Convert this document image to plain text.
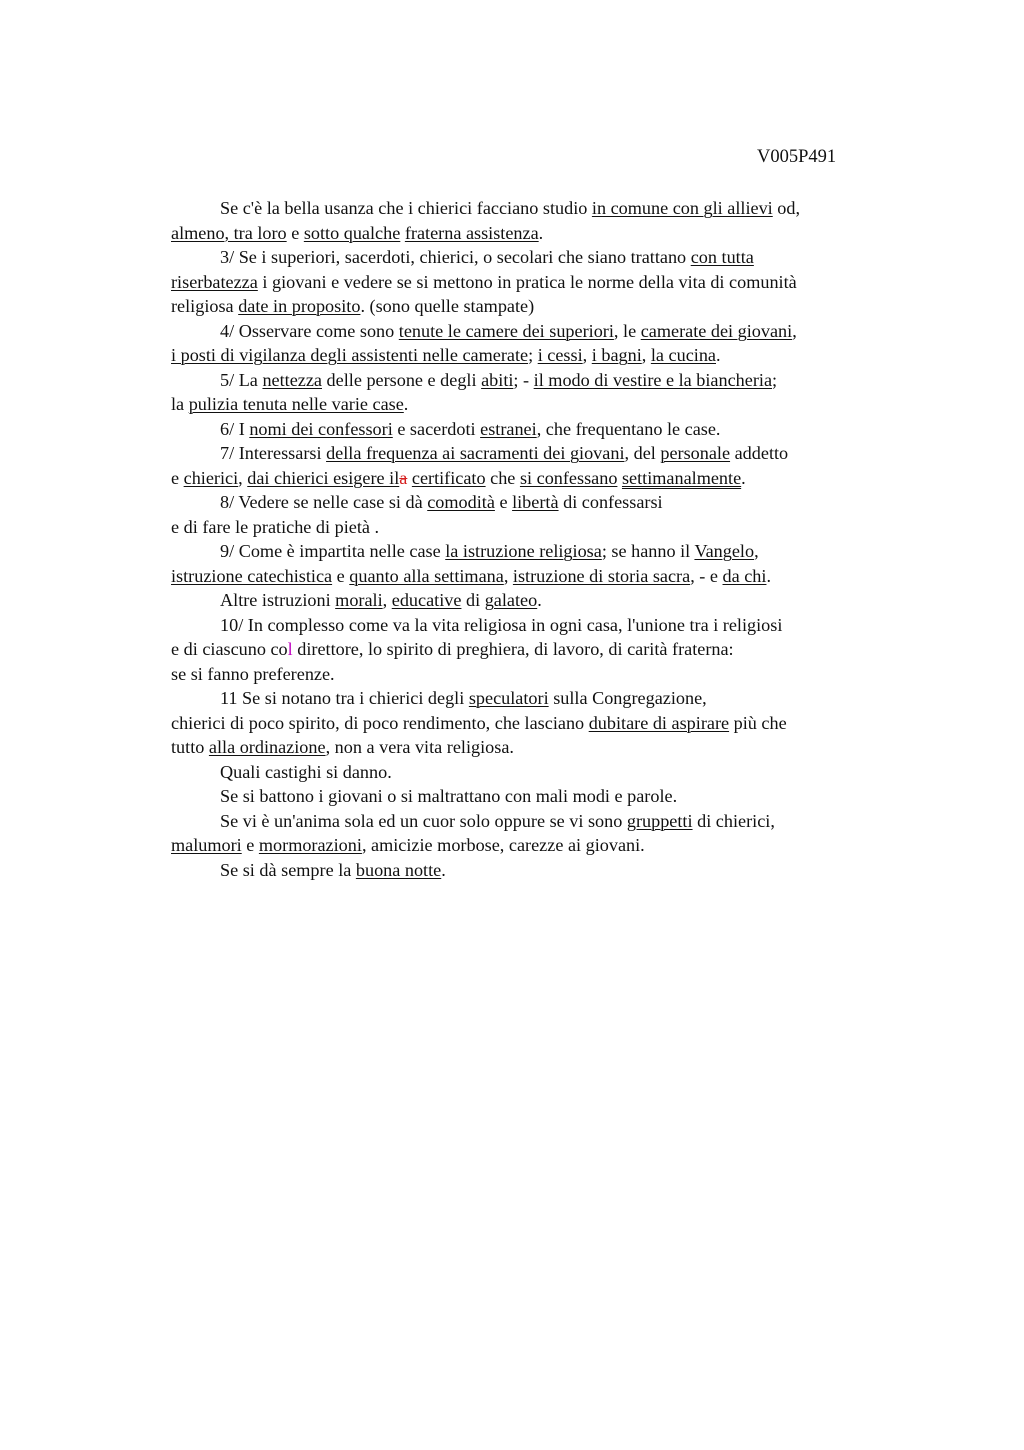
V005P491
Se c'è la bella usanza che i chierici facciano studio in comune con gli allievi od,
almeno, tra loro e sotto qualche fraterna assistenza.
3/ Se i superiori, sacerdoti, chierici, o secolari che siano trattano con tutta
riserbatezza i giovani e vedere se si mettono in pratica le norme della vita di comunità
religiosa date in proposito. (sono quelle stampate)
4/ Osservare come sono tenute le camere dei superiori, le camerate dei giovani,
i posti di vigilanza degli assistenti nelle camerate; i cessi, i bagni, la cucina.
5/ La nettezza delle persone e degli abiti; - il modo di vestire e la biancheria;
la pulizia tenuta nelle varie case.
6/ I nomi dei confessori e sacerdoti estranei, che frequentano le case.
7/ Interessarsi della frequenza ai sacramenti dei giovani, del personale addetto
e chierici, dai chierici esigere ila certificato che si confessano settimanalmente.
8/ Vedere se nelle case si dà comodità e libertà di confessarsi
e di fare le pratiche di pietà .
9/ Come è impartita nelle case la istruzione religiosa; se hanno il Vangelo,
istruzione catechistica e quanto alla settimana, istruzione di storia sacra, - e da chi.
Altre istruzioni morali, educative di galateo.
10/ In complesso come va la vita religiosa in ogni casa, l'unione tra i religiosi
e di ciascuno col direttore, lo spirito di preghiera, di lavoro, di carità fraterna:
se si fanno preferenze.
11 Se si notano tra i chierici degli speculatori sulla Congregazione,
chierici di poco spirito, di poco rendimento, che lasciano dubitare di aspirare più che
tutto alla ordinazione, non a vera vita religiosa.
Quali castighi si danno.
Se si battono i giovani o si maltrattano con mali modi e parole.
Se vi è un'anima sola ed un cuor solo oppure se vi sono gruppetti di chierici,
malumori e mormorazioni, amicizie morbose, carezze ai giovani.
Se si dà sempre la buona notte.
